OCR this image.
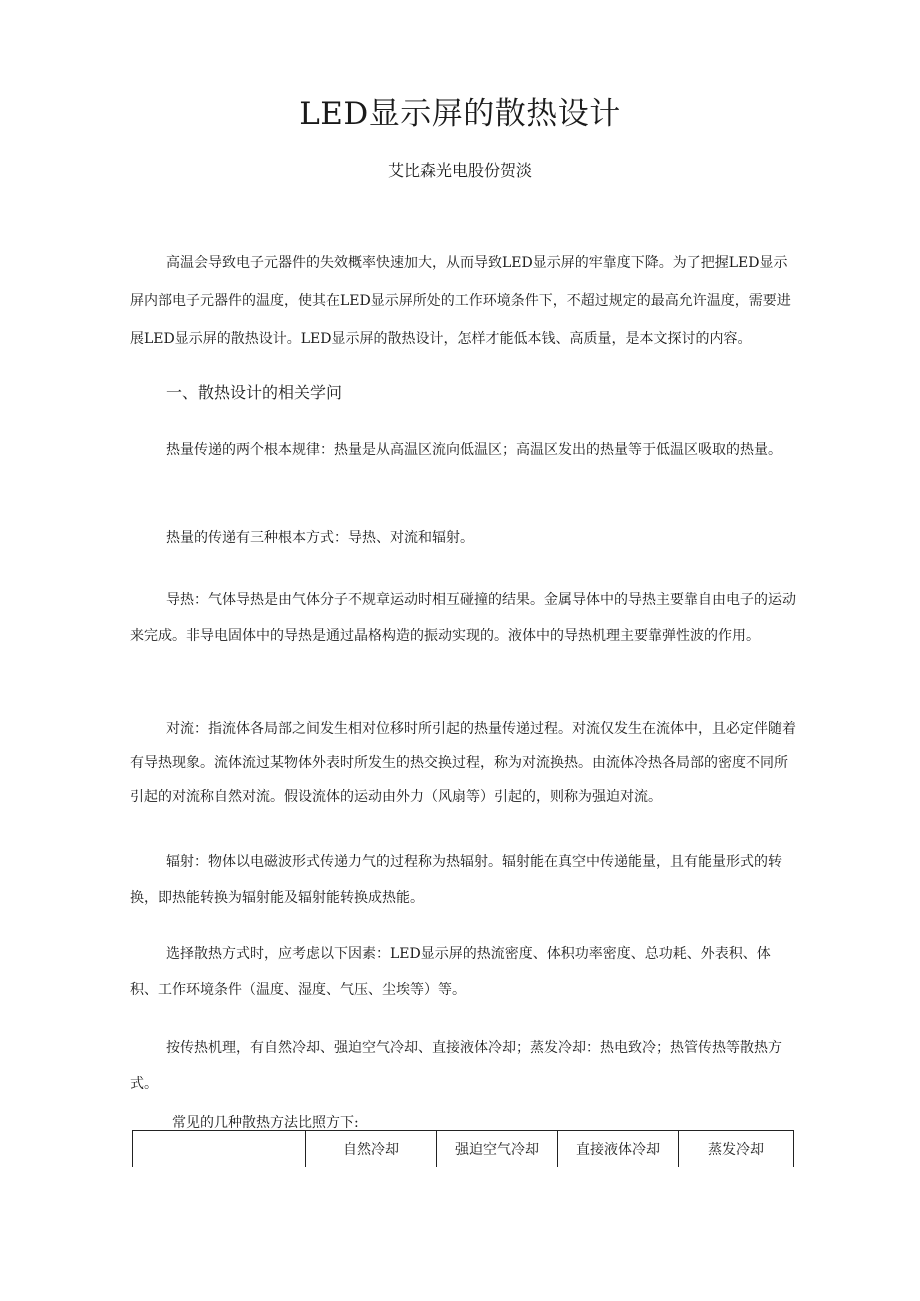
LED显示屏的散热设计

艾比森光电股份贺淡

高温会导致电子元器件的失效概率快速加大，从而导致LED显示屏的牢靠度下降。为了把握LED显示屏内部电子元器件的温度，使其在LED显示屏所处的工作环境条件下，不超过规定的最高允许温度，需要进展LED显示屏的散热设计。LED显示屏的散热设计，怎样才能低本钱、高质量，是本文探讨的内容。

一、散热设计的相关学问

热量传递的两个根本规律：热量是从高温区流向低温区；高温区发出的热量等于低温区吸取的热量。

热量的传递有三种根本方式：导热、对流和辐射。

导热：气体导热是由气体分子不规章运动时相互碰撞的结果。金属导体中的导热主要靠自由电子的运动来完成。非导电固体中的导热是通过晶格构造的振动实现的。液体中的导热机理主要靠弹性波的作用。

对流：指流体各局部之间发生相对位移时所引起的热量传递过程。对流仅发生在流体中，且必定伴随着有导热现象。流体流过某物体外表时所发生的热交换过程，称为对流换热。由流体冷热各局部的密度不同所引起的对流称自然对流。假设流体的运动由外力（风扇等）引起的，则称为强迫对流。

辐射：物体以电磁波形式传递力气的过程称为热辐射。辐射能在真空中传递能量，且有能量形式的转换，即热能转换为辐射能及辐射能转换成热能。

选择散热方式时，应考虑以下因素：LED显示屏的热流密度、体积功率密度、总功耗、外表积、体积、工作环境条件（温度、湿度、气压、尘埃等）等。

按传热机理，有自然冷却、强迫空气冷却、直接液体冷却；蒸发冷却：热电致冷；热管传热等散热方式。

常见的几种散热方法比照方下:

	自然冷却	强迫空气冷却	直接液体冷却	蒸发冷却
